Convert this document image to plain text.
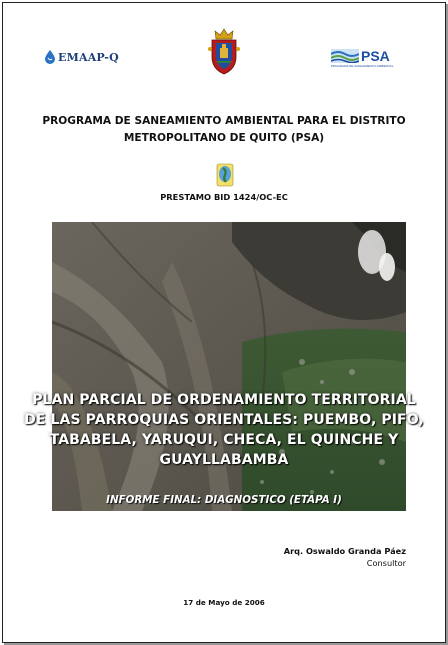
EMAAP-Q	PSA
PROGRAMA DE SANEAMIENTO AMBIENTAL
PROGRAMA DE SANEAMIENTO AMBIENTAL PARA EL DISTRITO
METROPOLITANO DE QUITO (PSA)
PRESTAMO BID 1424/OC-EC
PLAN PARCIAL DE ORDENAMIENTO TERRITORIAL
DE LAS PARROQUIAS ORIENTALES: PUEMBO, PIFO,
TABABELA, YARUQUI, CHECA, EL QUINCHE Y
GUAYLLABAMBA
INFORME FINAL: DIAGNOSTICO (ETAPA I)
Arq. Oswaldo Granda Páez
Consultor
17 de Mayo de 2006
